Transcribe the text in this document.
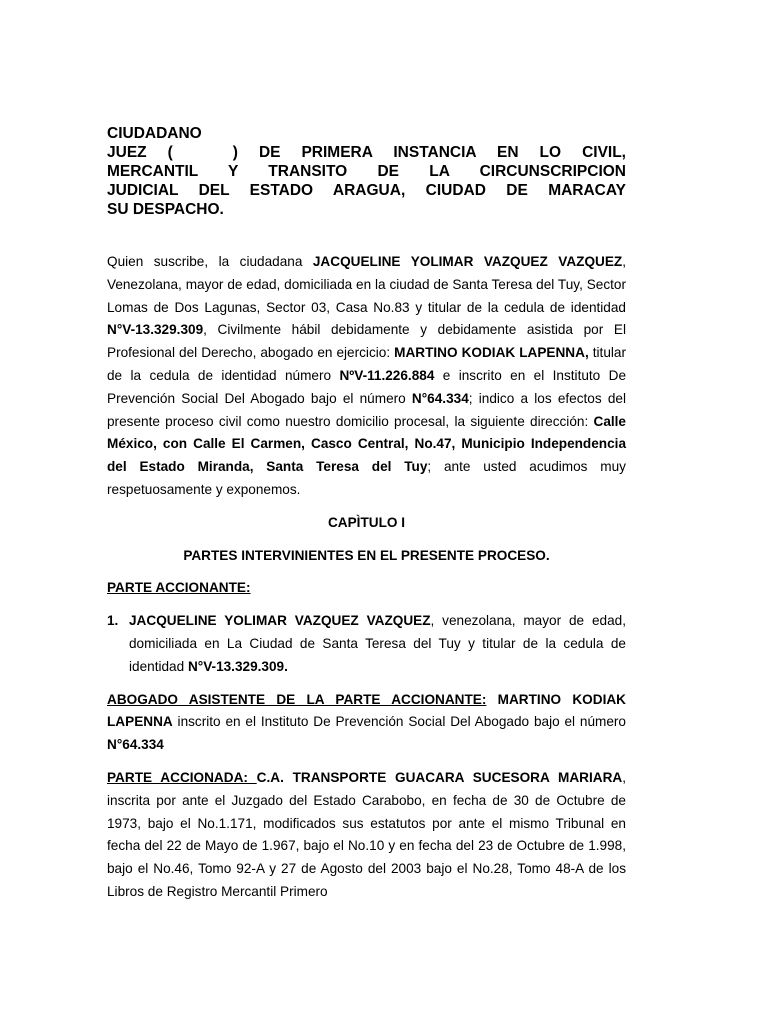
CIUDADANO
JUEZ (	) DE PRIMERA INSTANCIA EN LO CIVIL,
MERCANTIL Y TRANSITO DE LA CIRCUNSCRIPCION
JUDICIAL DEL ESTADO ARAGUA, CIUDAD DE MARACAY
SU DESPACHO.

Quien suscribe, la ciudadana JACQUELINE YOLIMAR VAZQUEZ VAZQUEZ, Venezolana, mayor de edad, domiciliada en la ciudad de Santa Teresa del Tuy, Sector Lomas de Dos Lagunas, Sector 03, Casa No.83 y titular de la cedula de identidad N°V-13.329.309, Civilmente hábil debidamente y debidamente asistida por El Profesional del Derecho, abogado en ejercicio: MARTINO KODIAK LAPENNA, titular de la cedula de identidad número NºV-11.226.884 e inscrito en el Instituto De Prevención Social Del Abogado bajo el número N°64.334; indico a los efectos del presente proceso civil como nuestro domicilio procesal, la siguiente dirección: Calle México, con Calle El Carmen, Casco Central, No.47, Municipio Independencia del Estado Miranda, Santa Teresa del Tuy; ante usted acudimos muy respetuosamente y exponemos.

CAPÌTULO I
PARTES INTERVINIENTES EN EL PRESENTE PROCESO.
PARTE ACCIONANTE:
1. JACQUELINE YOLIMAR VAZQUEZ VAZQUEZ, venezolana, mayor de edad, domiciliada en La Ciudad de Santa Teresa del Tuy y titular de la cedula de identidad N°V-13.329.309.

ABOGADO ASISTENTE DE LA PARTE ACCIONANTE: MARTINO KODIAK LAPENNA inscrito en el Instituto De Prevención Social Del Abogado bajo el número N°64.334

PARTE ACCIONADA: C.A. TRANSPORTE GUACARA SUCESORA MARIARA, inscrita por ante el Juzgado del Estado Carabobo, en fecha de 30 de Octubre de 1973, bajo el No.1.171, modificados sus estatutos por ante el mismo Tribunal en fecha del 22 de Mayo de 1.967, bajo el No.10 y en fecha del 23 de Octubre de 1.998, bajo el No.46, Tomo 92-A y 27 de Agosto del 2003 bajo el No.28, Tomo 48-A de los Libros de Registro Mercantil Primero
